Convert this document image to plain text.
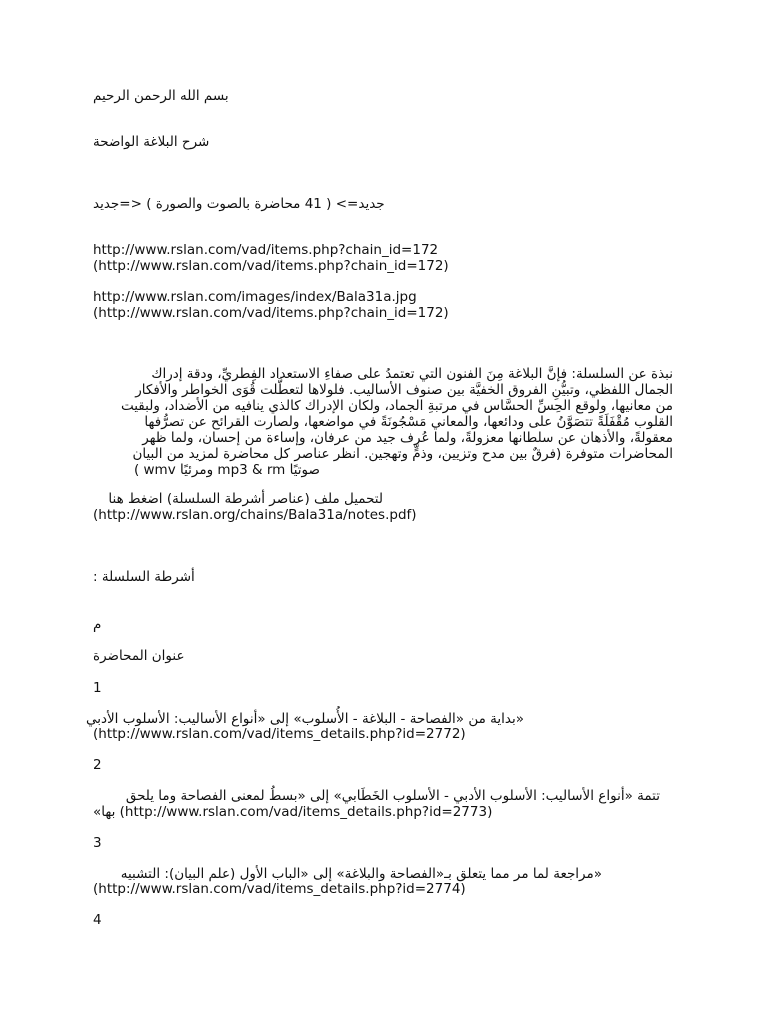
بسم الله الرحمن الرحيم
شرح البلاغة الواضحة
جديد=> ( 41 محاضرة بالصوت والصورة ) <=جديد
http://www.rslan.com/vad/items.php?chain_id=172
(http://www.rslan.com/vad/items.php?chain_id=172)
http://www.rslan.com/images/index/Bala31a.jpg
(http://www.rslan.com/vad/items.php?chain_id=172)
نبذة عن السلسلة: فإنَّ البلاغة مِنَ الفنون التي تعتمدُ على صفاءِ الاستعداد الفِطريِّ، ودقة إدراك
الجمال اللفظي، وتبيُّنِ الفروق الخفيَّة بين صنوف الأساليب. فلولاها لتعطَّلت قُوَى الخواطر والأفكار
من معانيها، ولوقع الحِسِّ الحسَّاس في مرتبةِ الجماد، ولكان الإدراك كالذي ينافيه من الأضداد، ولبقيت
القلوب مُقْفَلَةً تتصَوَّنُ على ودائعها، والمعاني مَسْجُونَةً في مواضعها، ولصارت القرائح عن تصرُّفها
معقولةً، والأذهان عن سلطانها معزولةً، ولما عُرف جيد من عرفان، وإساءة من إحسان، ولما ظهر
المحاضرات متوفرة (فرقٌ بين مدح وتزيين، وذمٍّ وتهجين. انظر عناصر كل محاضرة لمزيد من البيان
( wmv ومرئيًا mp3 & rm صوتيًا
لتحميل ملف (عناصر أشرطة السلسلة) اضغط هنا
(http://www.rslan.org/chains/Bala31a/notes.pdf)
أشرطة السلسلة :
م
عنوان المحاضرة
1
«بداية من «الفصاحة - البلاغة - الأُسلوب» إلى «أنواع الأساليب: الأسلوب الأدبي
(http://www.rslan.com/vad/items_details.php?id=2772)
2
تتمة «أنواع الأساليب: الأسلوب الأدبي - الأسلوب الخَطَابي» إلى «بسطُ لمعنى الفصاحة وما يلحق
بها» (http://www.rslan.com/vad/items_details.php?id=2773)
3
«مراجعة لما مر مما يتعلق بـ«الفصاحة والبلاغة» إلى «الباب الأول (علم البيان): التشبيه
(http://www.rslan.com/vad/items_details.php?id=2774)
4
